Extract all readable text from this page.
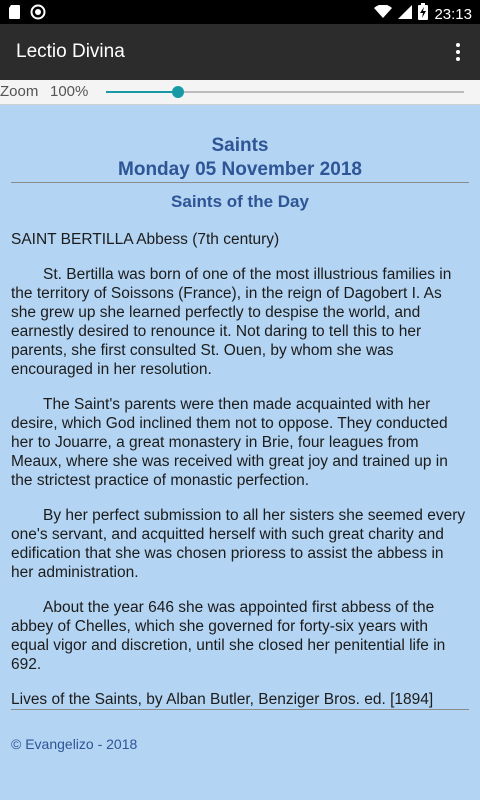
23:13
Lectio Divina
Zoom 100%
Saints
Monday 05 November 2018
Saints of the Day
SAINT BERTILLA Abbess (7th century)

St. Bertilla was born of one of the most illustrious families in the territory of Soissons (France), in the reign of Dagobert I. As she grew up she learned perfectly to despise the world, and earnestly desired to renounce it. Not daring to tell this to her parents, she first consulted St. Ouen, by whom she was encouraged in her resolution.

The Saint's parents were then made acquainted with her desire, which God inclined them not to oppose. They conducted her to Jouarre, a great monastery in Brie, four leagues from Meaux, where she was received with great joy and trained up in the strictest practice of monastic perfection.

By her perfect submission to all her sisters she seemed every one's servant, and acquitted herself with such great charity and edification that she was chosen prioress to assist the abbess in her administration.

About the year 646 she was appointed first abbess of the abbey of Chelles, which she governed for forty-six years with equal vigor and discretion, until she closed her penitential life in 692.

Lives of the Saints, by Alban Butler, Benziger Bros. ed. [1894]
© Evangelizo - 2018
